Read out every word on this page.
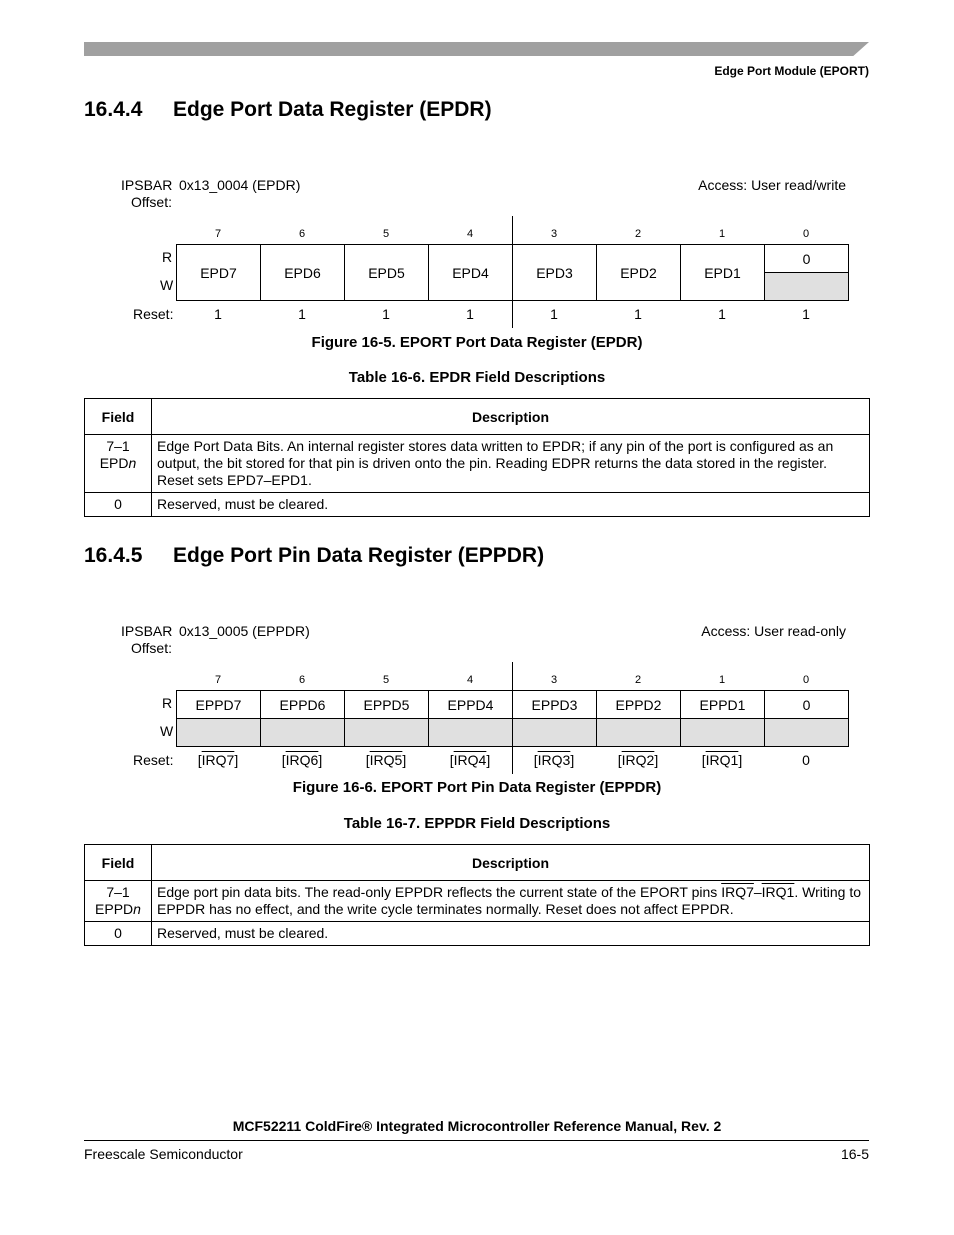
Edge Port Module (EPORT)
16.4.4 Edge Port Data Register (EPDR)
IPSBAR
Offset:
0x13_0004 (EPDR)	Access: User read/write
7	6	5	4	3	2	1	0
R
W
EPD7	EPD6	EPD5	EPD4	EPD3	EPD2	EPD1	0

Reset:	1	1	1	1	1	1	1	1
Figure 16-5. EPORT Port Data Register (EPDR)
Table 16-6. EPDR Field Descriptions
Field	Description
7–1
EPDn	Edge Port Data Bits. An internal register stores data written to EPDR; if any pin of the port is configured as an output, the bit stored for that pin is driven onto the pin. Reading EDPR returns the data stored in the register. Reset sets EPD7–EPD1.
0	Reserved, must be cleared.
16.4.5 Edge Port Pin Data Register (EPPDR)
IPSBAR
Offset:
0x13_0005 (EPPDR)	Access: User read-only
7	6	5	4	3	2	1	0
R
W
EPPD7	EPPD6	EPPD5	EPPD4	EPPD3	EPPD2	EPPD1	0

Reset:	[IRQ7]	[IRQ6]	[IRQ5]	[IRQ4]	[IRQ3]	[IRQ2]	[IRQ1]	0
Figure 16-6. EPORT Port Pin Data Register (EPPDR)
Table 16-7. EPPDR Field Descriptions
Field	Description
7–1
EPPDn	Edge port pin data bits. The read-only EPPDR reflects the current state of the EPORT pins IRQ7–IRQ1. Writing to EPPDR has no effect, and the write cycle terminates normally. Reset does not affect EPPDR.
0	Reserved, must be cleared.
MCF52211 ColdFire® Integrated Microcontroller Reference Manual, Rev. 2
Freescale Semiconductor	16-5
